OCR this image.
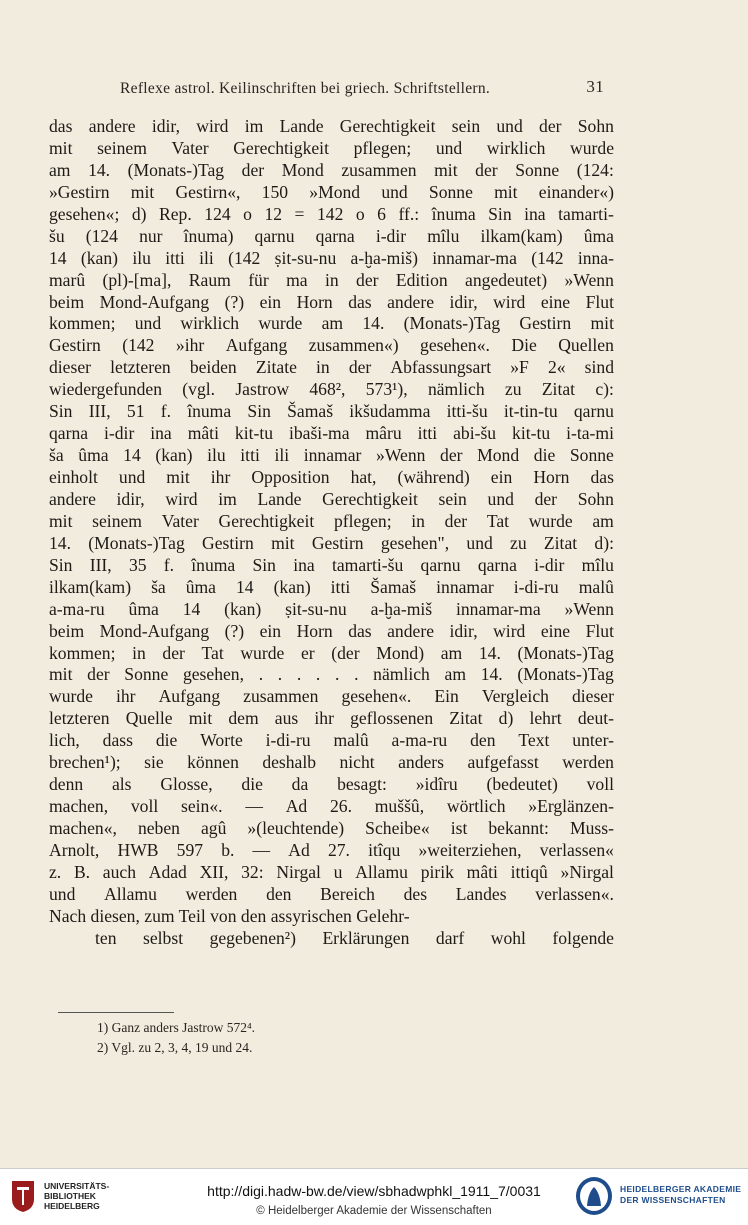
Reflexe astrol. Keilinschriften bei griech. Schriftstellern.	31
das andere idir, wird im Lande Gerechtigkeit sein und der Sohn
mit seinem Vater Gerechtigkeit pflegen; und wirklich wurde
am 14. (Monats-)Tag der Mond zusammen mit der Sonne (124:
»Gestirn mit Gestirn«, 150 »Mond und Sonne mit einander«)
gesehen«; d) Rep. 124 o 12 = 142 o 6 ff.: înuma Sin ina tamarti-
šu (124 nur înuma) qarnu qarna i-dir mîlu ilkam(kam) ûma
14 (kan) ilu itti ili (142 ṣit-su-nu a-ḫa-miš) innamar-ma (142 inna-
marû (pl)-[ma], Raum für ma in der Edition angedeutet) »Wenn
beim Mond-Aufgang (?) ein Horn das andere idir, wird eine Flut
kommen; und wirklich wurde am 14. (Monats-)Tag Gestirn mit
Gestirn (142 »ihr Aufgang zusammen«) gesehen«. Die Quellen
dieser letzteren beiden Zitate in der Abfassungsart »F 2« sind
wiedergefunden (vgl. Jastrow 468², 573¹), nämlich zu Zitat c):
Sin III, 51 f. înuma Sin Šamaš ikšudamma itti-šu it-tin-tu qarnu
qarna i-dir ina mâti kit-tu ibaši-ma mâru itti abi-šu kit-tu i-ta-mi
ša ûma 14 (kan) ilu itti ili innamar »Wenn der Mond die Sonne
einholt und mit ihr Opposition hat, (während) ein Horn das
andere idir, wird im Lande Gerechtigkeit sein und der Sohn
mit seinem Vater Gerechtigkeit pflegen; in der Tat wurde am
14. (Monats-)Tag Gestirn mit Gestirn gesehen", und zu Zitat d):
Sin III, 35 f. înuma Sin ina tamarti-šu qarnu qarna i-dir mîlu
ilkam(kam) ša ûma 14 (kan) itti Šamaš innamar i-di-ru malû
a-ma-ru ûma 14 (kan) ṣit-su-nu a-ḫa-miš innamar-ma »Wenn
beim Mond-Aufgang (?) ein Horn das andere idir, wird eine Flut
kommen; in der Tat wurde er (der Mond) am 14. (Monats-)Tag
mit der Sonne gesehen, . . . . . . nämlich am 14. (Monats-)Tag
wurde ihr Aufgang zusammen gesehen«. Ein Vergleich dieser
letzteren Quelle mit dem aus ihr geflossenen Zitat d) lehrt deut-
lich, dass die Worte i-di-ru malû a-ma-ru den Text unter-
brechen¹); sie können deshalb nicht anders aufgefasst werden
denn als Glosse, die da besagt: »idîru (bedeutet) voll
machen, voll sein«. — Ad 26. muššû, wörtlich »Erglänzen-
machen«, neben agû »(leuchtende) Scheibe« ist bekannt: Muss-
Arnolt, HWB 597 b. — Ad 27. itîqu »weiterziehen, verlassen«
z. B. auch Adad XII, 32: Nirgal u Allamu pirik mâti ittiqû »Nirgal
und Allamu werden den Bereich des Landes verlassen«.
Nach diesen, zum Teil von den assyrischen Gelehr-
ten selbst gegebenen²) Erklärungen darf wohl folgende
1) Ganz anders Jastrow 572⁴.
2) Vgl. zu 2, 3, 4, 19 und 24.
UNIVERSITÄTS-
BIBLIOTHEK
HEIDELBERG
http://digi.hadw-bw.de/view/sbhadwphkl_1911_7/0031
© Heidelberger Akademie der Wissenschaften
HEIDELBERGER AKADEMIE
DER WISSENSCHAFTEN
